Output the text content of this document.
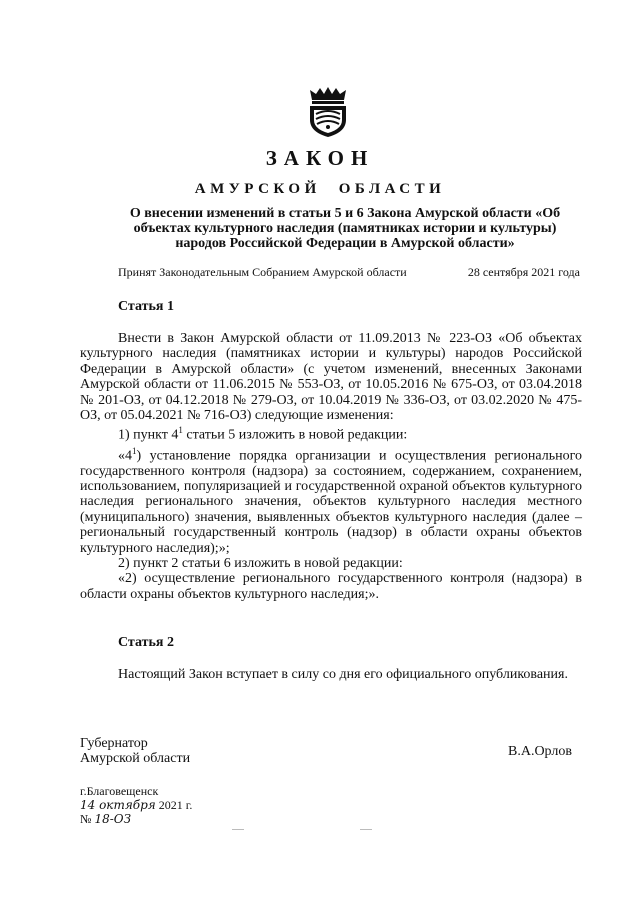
ЗАКОН
АМУРСКОЙ ОБЛАСТИ
О внесении изменений в статьи 5 и 6 Закона Амурской области «Об объектах культурного наследия (памятниках истории и культуры) народов Российской Федерации в Амурской области»
Принят Законодательным Собранием Амурской области	28 сентября 2021 года
Статья 1

Внести в Закон Амурской области от 11.09.2013 № 223-ОЗ «Об объектах культурного наследия (памятниках истории и культуры) народов Российской Федерации в Амурской области» (с учетом изменений, внесенных Законами Амурской области от 11.06.2015 № 553-ОЗ, от 10.05.2016 № 675-ОЗ, от 03.04.2018 № 201-ОЗ, от 04.12.2018 № 279-ОЗ, от 10.04.2019 № 336-ОЗ, от 03.02.2020 № 475-ОЗ, от 05.04.2021 № 716-ОЗ) следующие изменения:

1) пункт $4^1$ статьи 5 изложить в новой редакции:

«$4^1$) установление порядка организации и осуществления регионального государственного контроля (надзора) за состоянием, содержанием, сохранением, использованием, популяризацией и государственной охраной объектов культурного наследия регионального значения, объектов культурного наследия местного (муниципального) значения, выявленных объектов культурного наследия (далее – региональный государственный контроль (надзор) в области охраны объектов культурного наследия);»;

2) пункт 2 статьи 6 изложить в новой редакции:

«2) осуществление регионального государственного контроля (надзора) в области охраны объектов культурного наследия;».

Статья 2

Настоящий Закон вступает в силу со дня его официального опубликования.

Губернатор
Амурской области	В.А.Орлов
г.Благовещенск
14 октября 2021 г.
№ 18-ОЗ
